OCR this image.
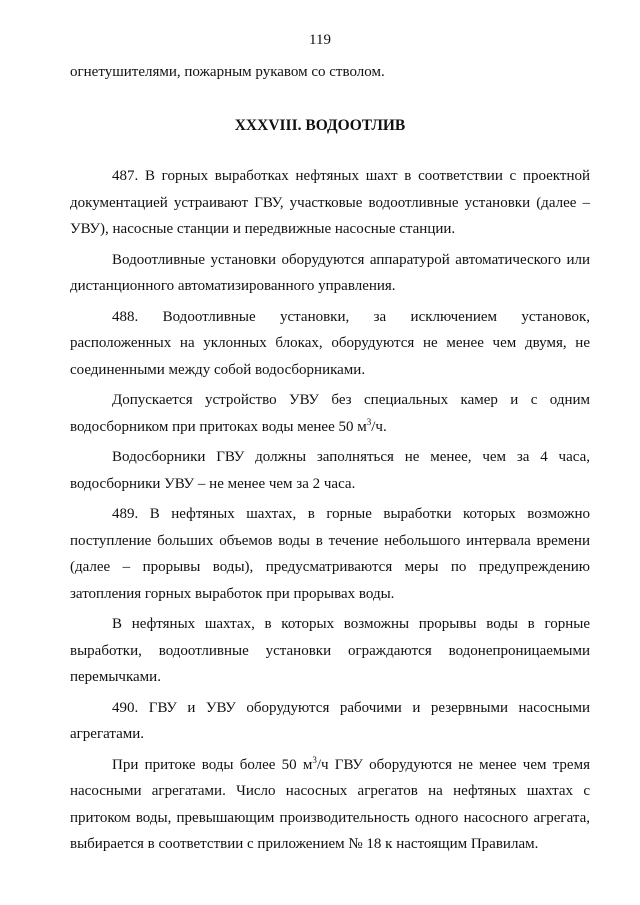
119
огнетушителями, пожарным рукавом со стволом.
XXXVIII. ВОДООТЛИВ

487. В горных выработках нефтяных шахт в соответствии с проектной документацией устраивают ГВУ, участковые водоотливные установки (далее – УВУ), насосные станции и передвижные насосные станции.

Водоотливные установки оборудуются аппаратурой автоматического или дистанционного автоматизированного управления.

488. Водоотливные установки, за исключением установок, расположенных на уклонных блоках, оборудуются не менее чем двумя, не соединенными между собой водосборниками.

Допускается устройство УВУ без специальных камер и с одним водосборником при притоках воды менее 50 $м^3/ч$.

Водосборники ГВУ должны заполняться не менее, чем за 4 часа, водосборники УВУ – не менее чем за 2 часа.

489. В нефтяных шахтах, в горные выработки которых возможно поступление больших объемов воды в течение небольшого интервала времени (далее – прорывы воды), предусматриваются меры по предупреждению затопления горных выработок при прорывах воды.

В нефтяных шахтах, в которых возможны прорывы воды в горные выработки, водоотливные установки ограждаются водонепроницаемыми перемычками.

490. ГВУ и УВУ оборудуются рабочими и резервными насосными агрегатами.

При притоке воды более 50 $м^3/ч$ ГВУ оборудуются не менее чем тремя насосными агрегатами. Число насосных агрегатов на нефтяных шахтах с притоком воды, превышающим производительность одного насосного агрегата, выбирается в соответствии с приложением № 18 к настоящим Правилам.
